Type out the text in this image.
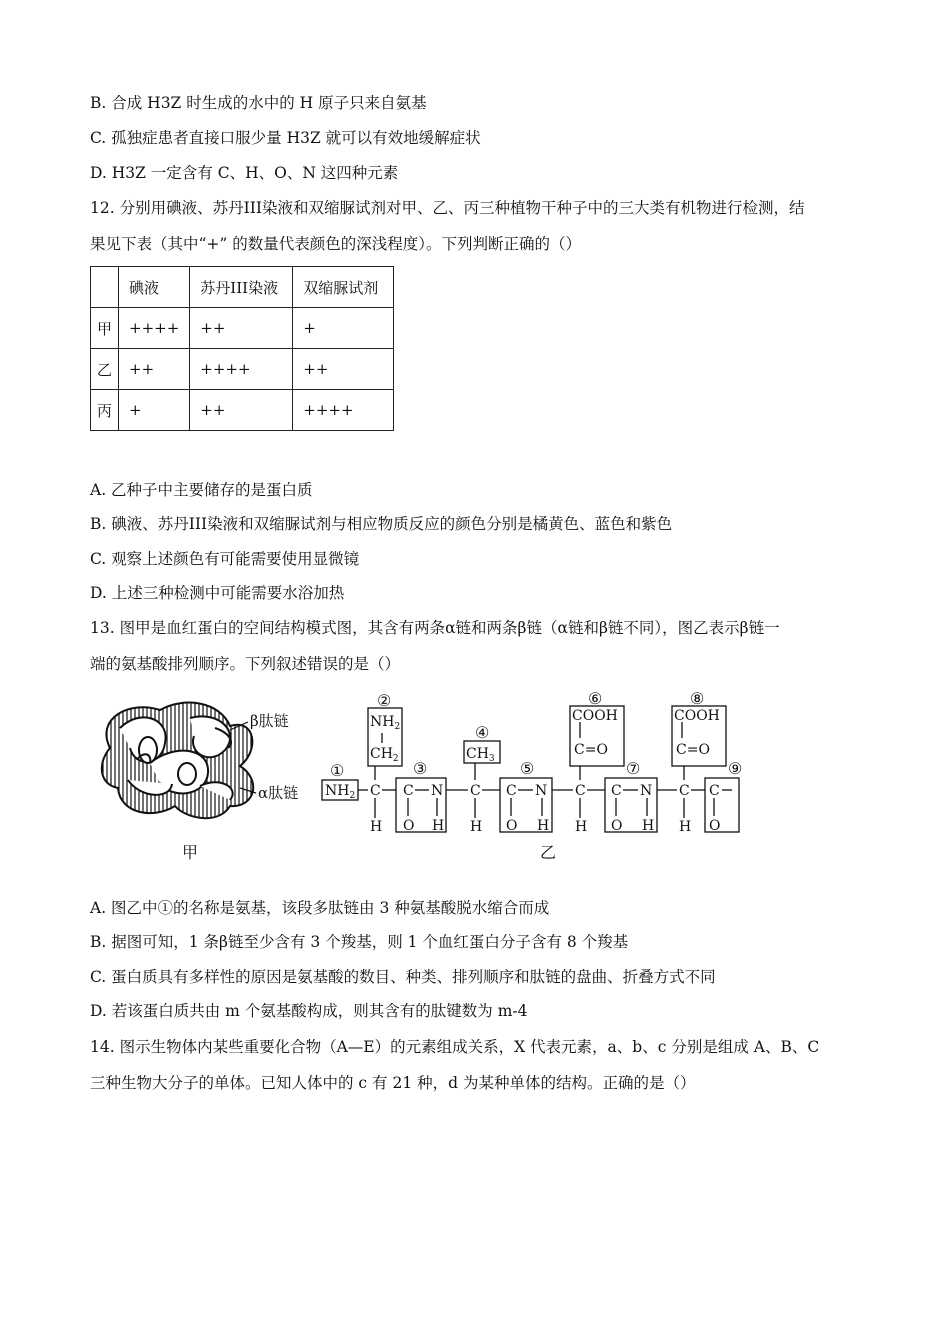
B. 合成 H3Z 时生成的水中的 H 原子只来自氨基
C. 孤独症患者直接口服少量 H3Z 就可以有效地缓解症状
D. H3Z 一定含有 C、H、O、N 这四种元素
12. 分别用碘液、苏丹III染液和双缩脲试剂对甲、乙、丙三种植物干种子中的三大类有机物进行检测，结
果见下表（其中“+” 的数量代表颜色的深浅程度）。下列判断正确的（）
	碘液	苏丹III染液	双缩脲试剂
甲	++++	++	+
乙	++	++++	++
丙	+	++	++++
A. 乙种子中主要储存的是蛋白质
B. 碘液、苏丹III染液和双缩脲试剂与相应物质反应的颜色分别是橘黄色、蓝色和紫色
C. 观察上述颜色有可能需要使用显微镜
D. 上述三种检测中可能需要水浴加热
13. 图甲是血红蛋白的空间结构模式图，其含有两条α链和两条β链（α链和β链不同），图乙表示β链一
端的氨基酸排列顺序。下列叙述错误的是（）
β肽链
α肽链
甲
①
②
③
④
⑤
⑥
⑦
⑧
⑨
$NH_2$
$NH_2$
$CH_2$
C
H
C N
O H
$CH_3$
C
H
C N
O H
COOH
C=O
C
H
C N
O H
COOH
C=O
C
H
C
O
乙
A. 图乙中①的名称是氨基，该段多肽链由 3 种氨基酸脱水缩合而成
B. 据图可知，1 条β链至少含有 3 个羧基，则 1 个血红蛋白分子含有 8 个羧基
C. 蛋白质具有多样性的原因是氨基酸的数目、种类、排列顺序和肽链的盘曲、折叠方式不同
D. 若该蛋白质共由 m 个氨基酸构成，则其含有的肽键数为 m-4
14. 图示生物体内某些重要化合物（A—E）的元素组成关系，X 代表元素，a、b、c 分别是组成 A、B、C
三种生物大分子的单体。已知人体中的 c 有 21 种，d 为某种单体的结构。正确的是（）
